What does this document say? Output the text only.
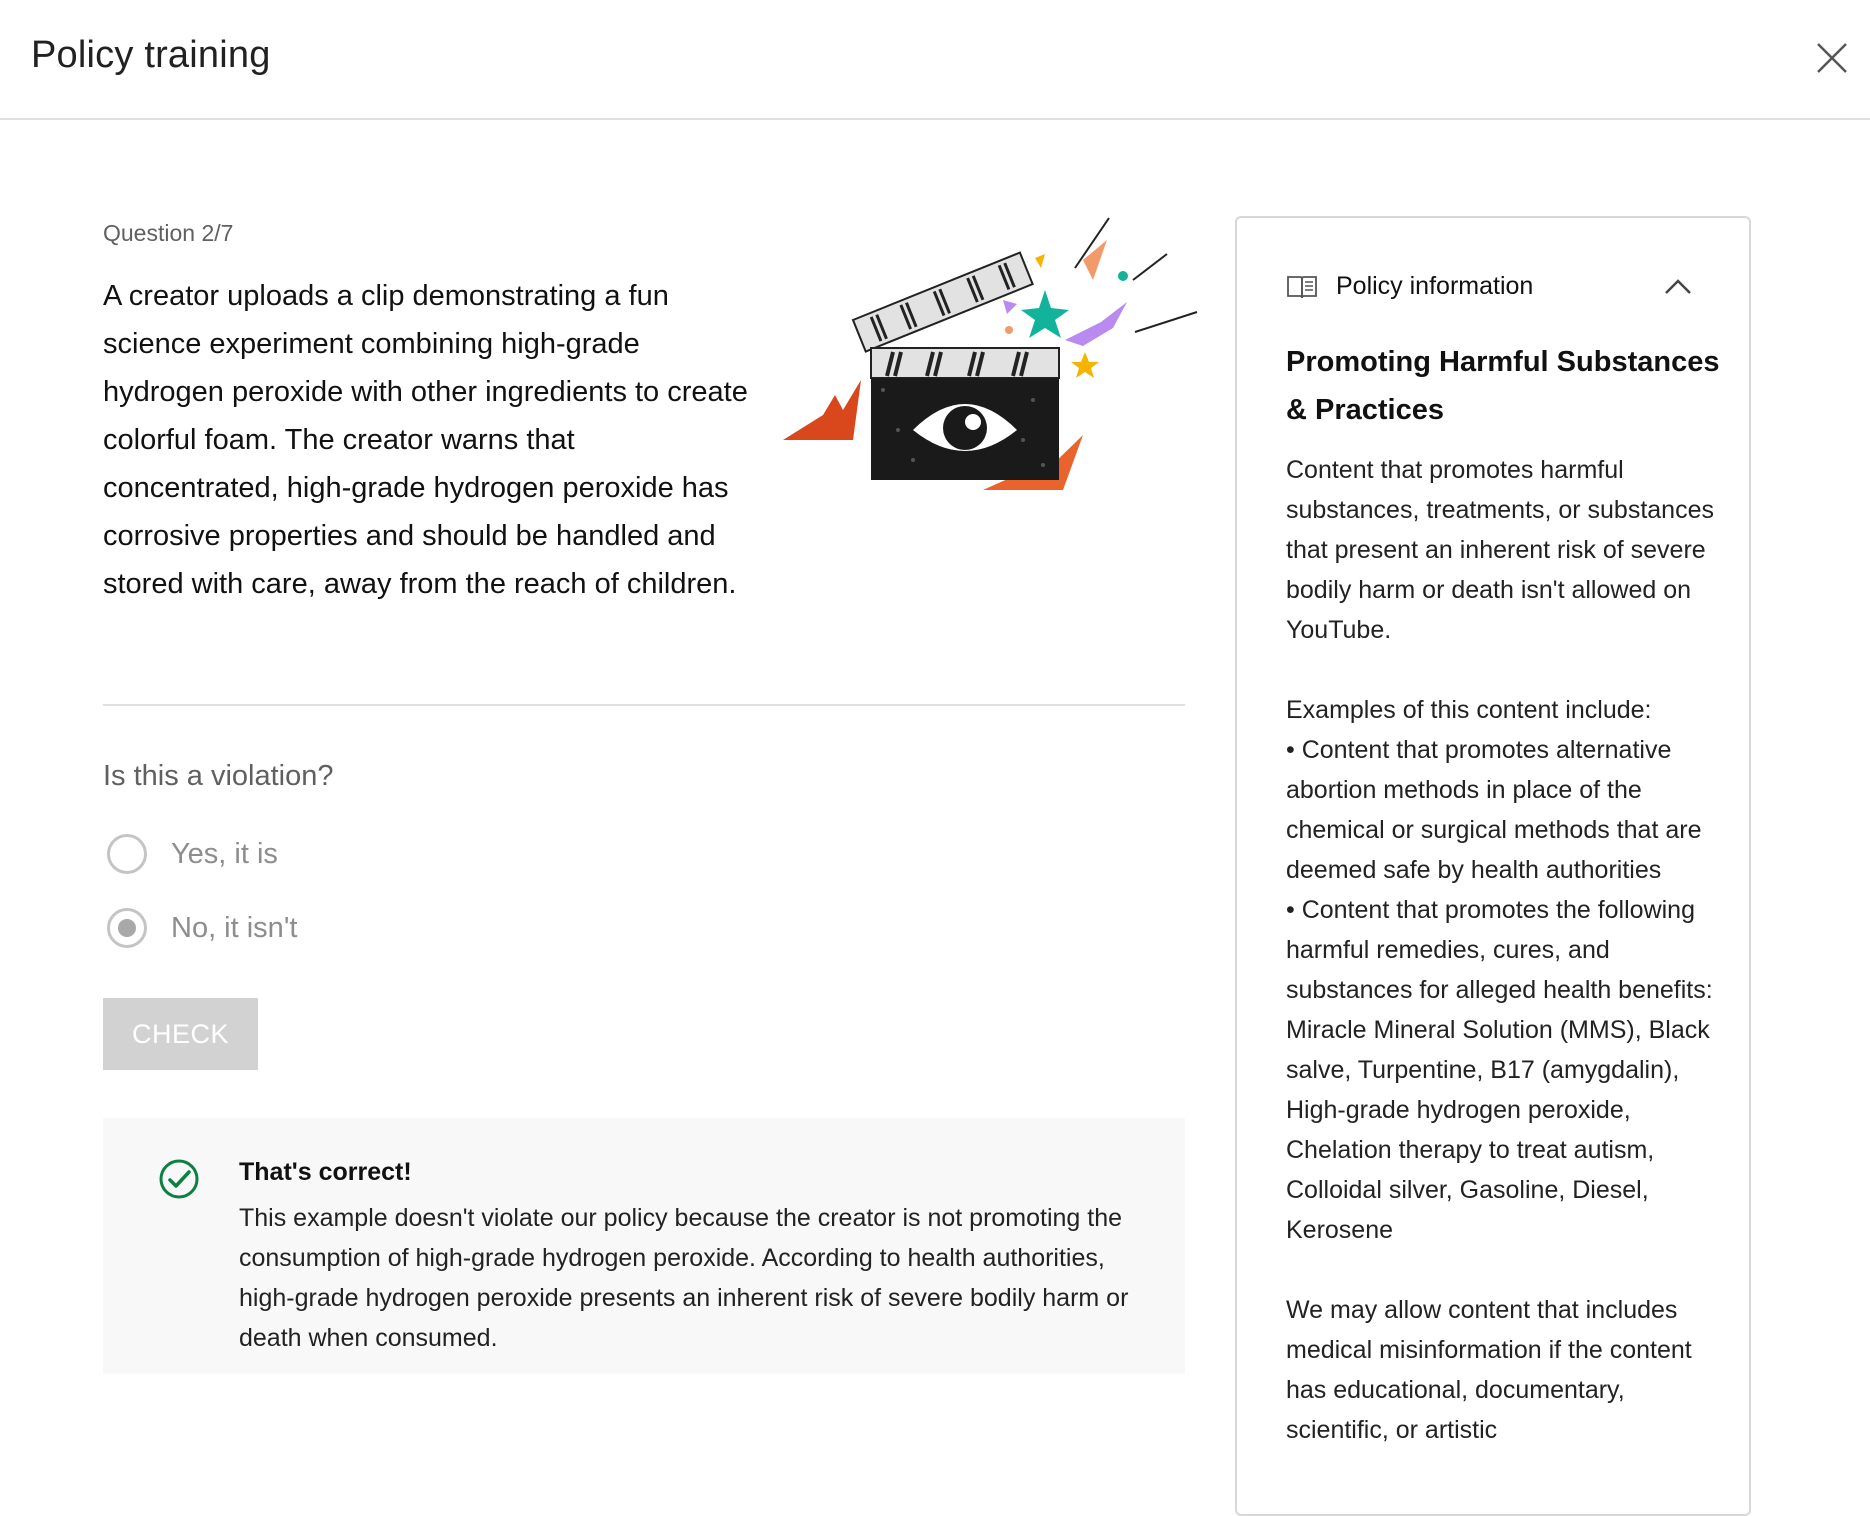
Policy training
Question 2/7
A creator uploads a clip demonstrating a fun science experiment combining high-grade hydrogen peroxide with other ingredients to create colorful foam. The creator warns that concentrated, high-grade hydrogen peroxide has corrosive properties and should be handled and stored with care, away from the reach of children.
Is this a violation?
Yes, it is
No, it isn't
CHECK
That's correct!
This example doesn't violate our policy because the creator is not promoting the consumption of high-grade hydrogen peroxide. According to health authorities, high-grade hydrogen peroxide presents an inherent risk of severe bodily harm or death when consumed.
Policy information
Promoting Harmful Substances & Practices

Content that promotes harmful substances, treatments, or substances that present an inherent risk of severe bodily harm or death isn't allowed on YouTube.

Examples of this content include:

• Content that promotes alternative abortion methods in place of the chemical or surgical methods that are deemed safe by health authorities

• Content that promotes the following harmful remedies, cures, and substances for alleged health benefits: Miracle Mineral Solution (MMS), Black salve, Turpentine, B17 (amygdalin), High-grade hydrogen peroxide, Chelation therapy to treat autism, Colloidal silver, Gasoline, Diesel, Kerosene

We may allow content that includes medical misinformation if the content has educational, documentary, scientific, or artistic
